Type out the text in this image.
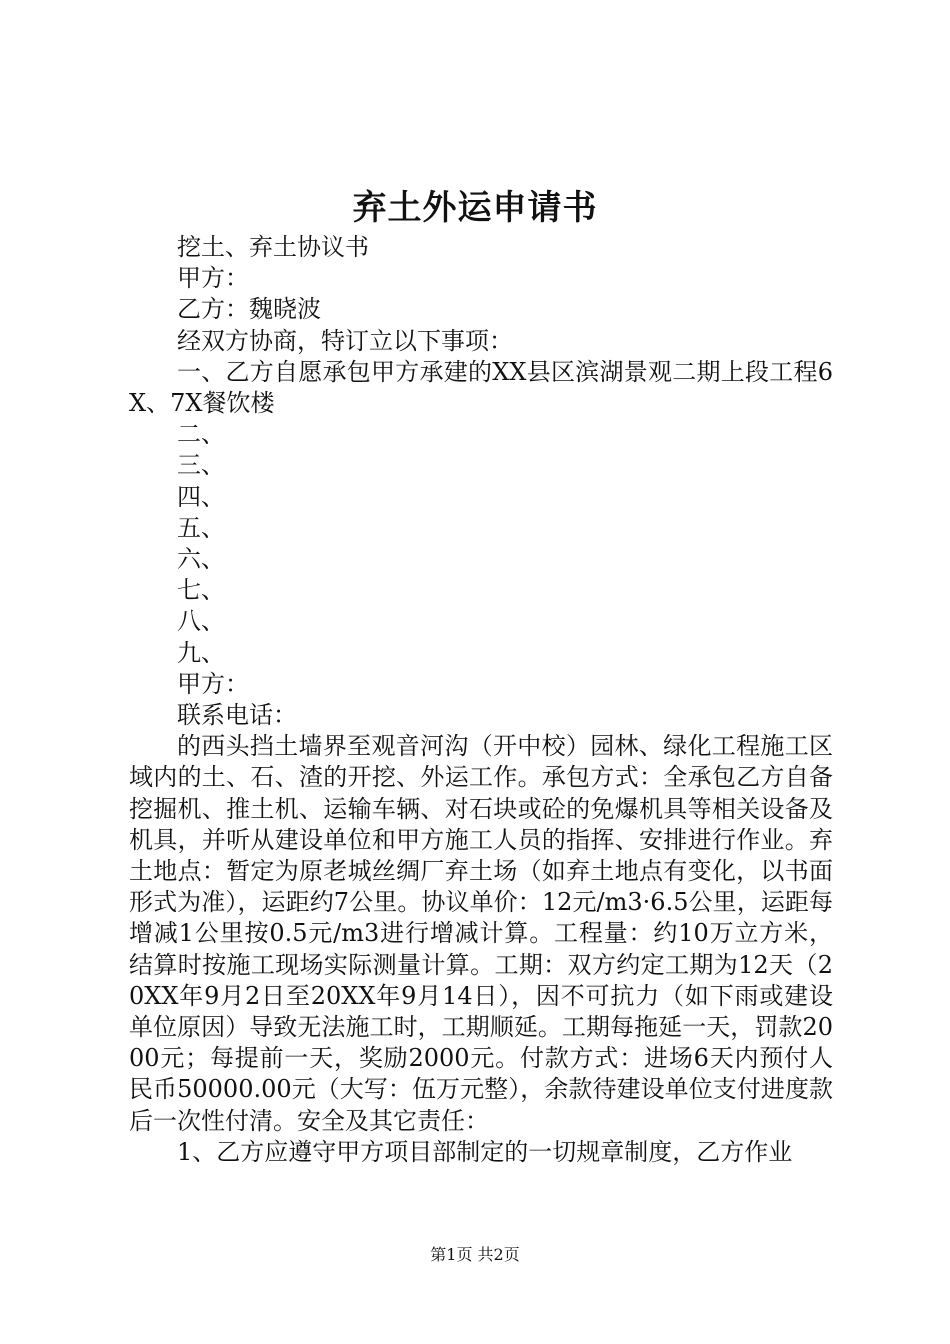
弃土外运申请书

挖土、弃土协议书

甲方：

乙方：魏晓波

经双方协商，特订立以下事项：

一、乙方自愿承包甲方承建的XX县区滨湖景观二期上段工程6X、7X餐饮楼

二、

三、

四、

五、

六、

七、

八、

九、

甲方：

联系电话：

的西头挡土墙界至观音河沟（开中校）园林、绿化工程施工区域内的土、石、渣的开挖、外运工作。承包方式：全承包乙方自备挖掘机、推土机、运输车辆、对石块或砼的免爆机具等相关设备及机具，并听从建设单位和甲方施工人员的指挥、安排进行作业。弃土地点：暂定为原老城丝绸厂弃土场（如弃土地点有变化，以书面形式为准），运距约7公里。协议单价：12元/m3·6.5公里，运距每增减1公里按0.5元/m3进行增减计算。工程量：约10万立方米，结算时按施工现场实际测量计算。工期：双方约定工期为12天（20XX年9月2日至20XX年9月14日），因不可抗力（如下雨或建设单位原因）导致无法施工时，工期顺延。工期每拖延一天，罚款2000元；每提前一天，奖励2000元。付款方式：进场6天内预付人民币50000.00元（大写：伍万元整），余款待建设单位支付进度款后一次性付清。安全及其它责任：

1、乙方应遵守甲方项目部制定的一切规章制度，乙方作业

第1页 共2页
